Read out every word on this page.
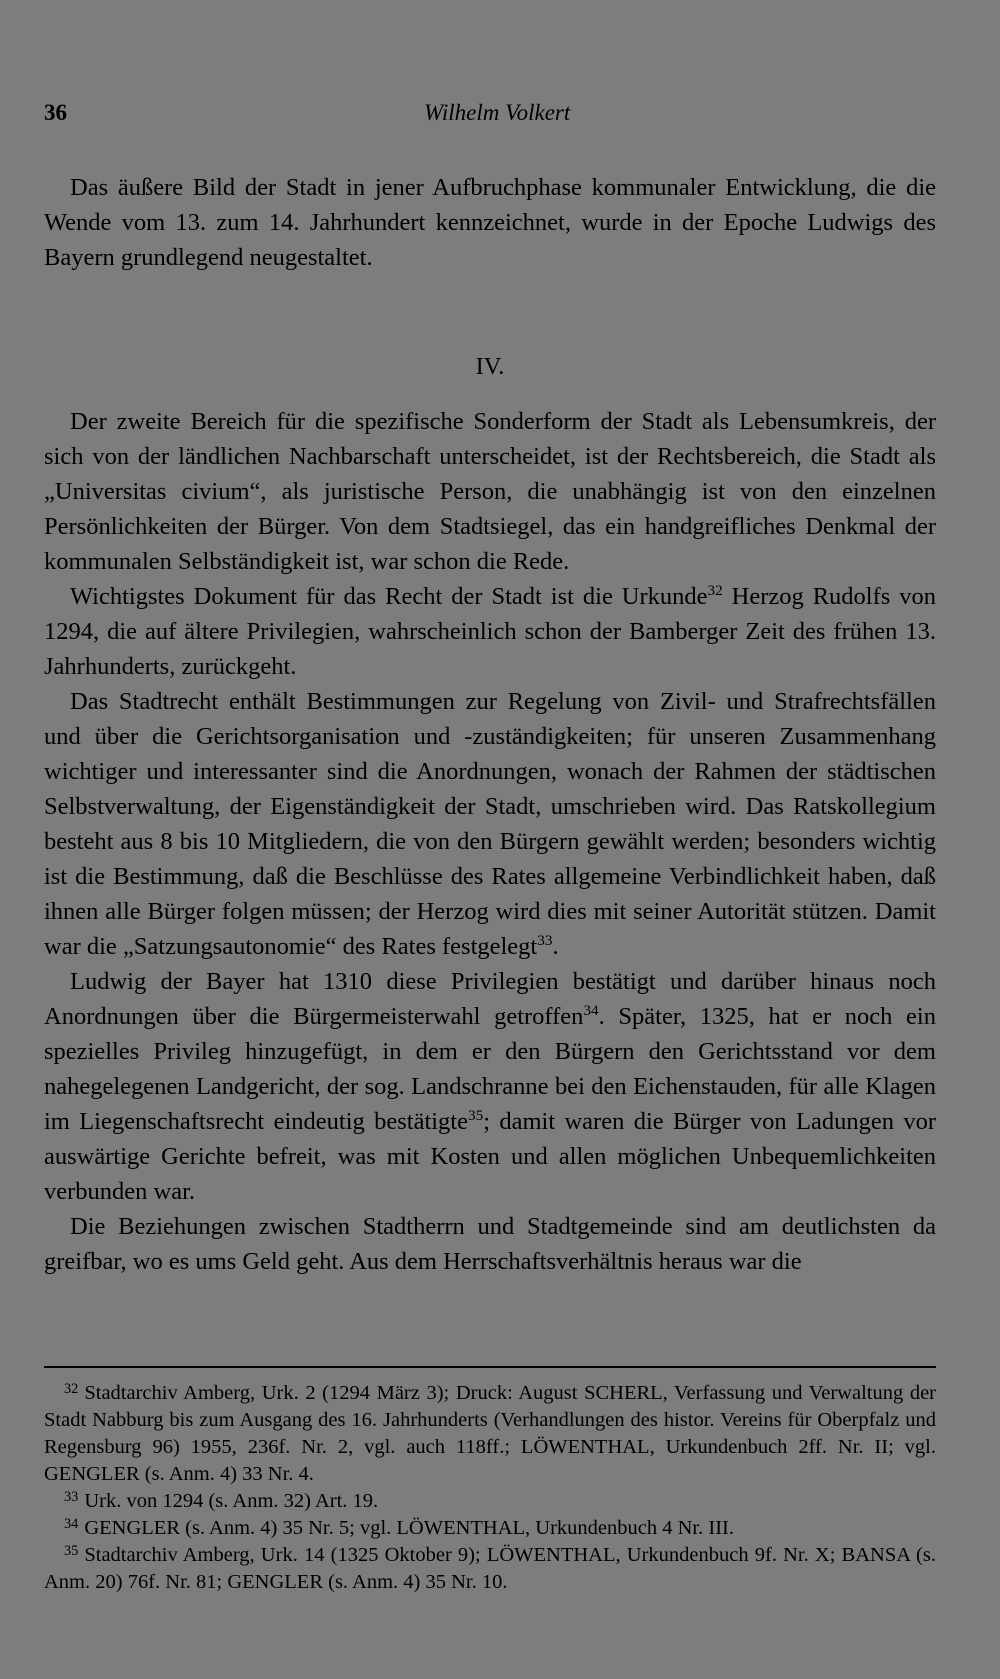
36	Wilhelm Volkert

Das äußere Bild der Stadt in jener Aufbruchphase kommunaler Entwicklung, die die Wende vom 13. zum 14. Jahrhundert kennzeichnet, wurde in der Epoche Ludwigs des Bayern grundlegend neugestaltet.

IV.

Der zweite Bereich für die spezifische Sonderform der Stadt als Lebensumkreis, der sich von der ländlichen Nachbarschaft unterscheidet, ist der Rechtsbereich, die Stadt als „Universitas civium“, als juristische Person, die unabhängig ist von den einzelnen Persönlichkeiten der Bürger. Von dem Stadtsiegel, das ein handgreifliches Denkmal der kommunalen Selbständigkeit ist, war schon die Rede.

Wichtigstes Dokument für das Recht der Stadt ist die Urkunde$^{32}$ Herzog Rudolfs von 1294, die auf ältere Privilegien, wahrscheinlich schon der Bamberger Zeit des frühen 13. Jahrhunderts, zurückgeht.

Das Stadtrecht enthält Bestimmungen zur Regelung von Zivil- und Strafrechtsfällen und über die Gerichtsorganisation und -zuständigkeiten; für unseren Zusammenhang wichtiger und interessanter sind die Anordnungen, wonach der Rahmen der städtischen Selbstverwaltung, der Eigenständigkeit der Stadt, umschrieben wird. Das Ratskollegium besteht aus 8 bis 10 Mitgliedern, die von den Bürgern gewählt werden; besonders wichtig ist die Bestimmung, daß die Beschlüsse des Rates allgemeine Verbindlichkeit haben, daß ihnen alle Bürger folgen müssen; der Herzog wird dies mit seiner Autorität stützen. Damit war die „Satzungsautonomie“ des Rates festgelegt$^{33}$.

Ludwig der Bayer hat 1310 diese Privilegien bestätigt und darüber hinaus noch Anordnungen über die Bürgermeisterwahl getroffen$^{34}$. Später, 1325, hat er noch ein spezielles Privileg hinzugefügt, in dem er den Bürgern den Gerichtsstand vor dem nahegelegenen Landgericht, der sog. Landschranne bei den Eichenstauden, für alle Klagen im Liegenschaftsrecht eindeutig bestätigte$^{35}$; damit waren die Bürger von Ladungen vor auswärtige Gerichte befreit, was mit Kosten und allen möglichen Unbequemlichkeiten verbunden war.

Die Beziehungen zwischen Stadtherrn und Stadtgemeinde sind am deutlichsten da greifbar, wo es ums Geld geht. Aus dem Herrschaftsverhältnis heraus war die

$^{32}$ Stadtarchiv Amberg, Urk. 2 (1294 März 3); Druck: August SCHERL, Verfassung und Verwaltung der Stadt Nabburg bis zum Ausgang des 16. Jahrhunderts (Verhandlungen des histor. Vereins für Oberpfalz und Regensburg 96) 1955, 236f. Nr. 2, vgl. auch 118ff.; LÖWENTHAL, Urkundenbuch 2ff. Nr. II; vgl. GENGLER (s. Anm. 4) 33 Nr. 4.

$^{33}$ Urk. von 1294 (s. Anm. 32) Art. 19.

$^{34}$ GENGLER (s. Anm. 4) 35 Nr. 5; vgl. LÖWENTHAL, Urkundenbuch 4 Nr. III.

$^{35}$ Stadtarchiv Amberg, Urk. 14 (1325 Oktober 9); LÖWENTHAL, Urkundenbuch 9f. Nr. X; BANSA (s. Anm. 20) 76f. Nr. 81; GENGLER (s. Anm. 4) 35 Nr. 10.
